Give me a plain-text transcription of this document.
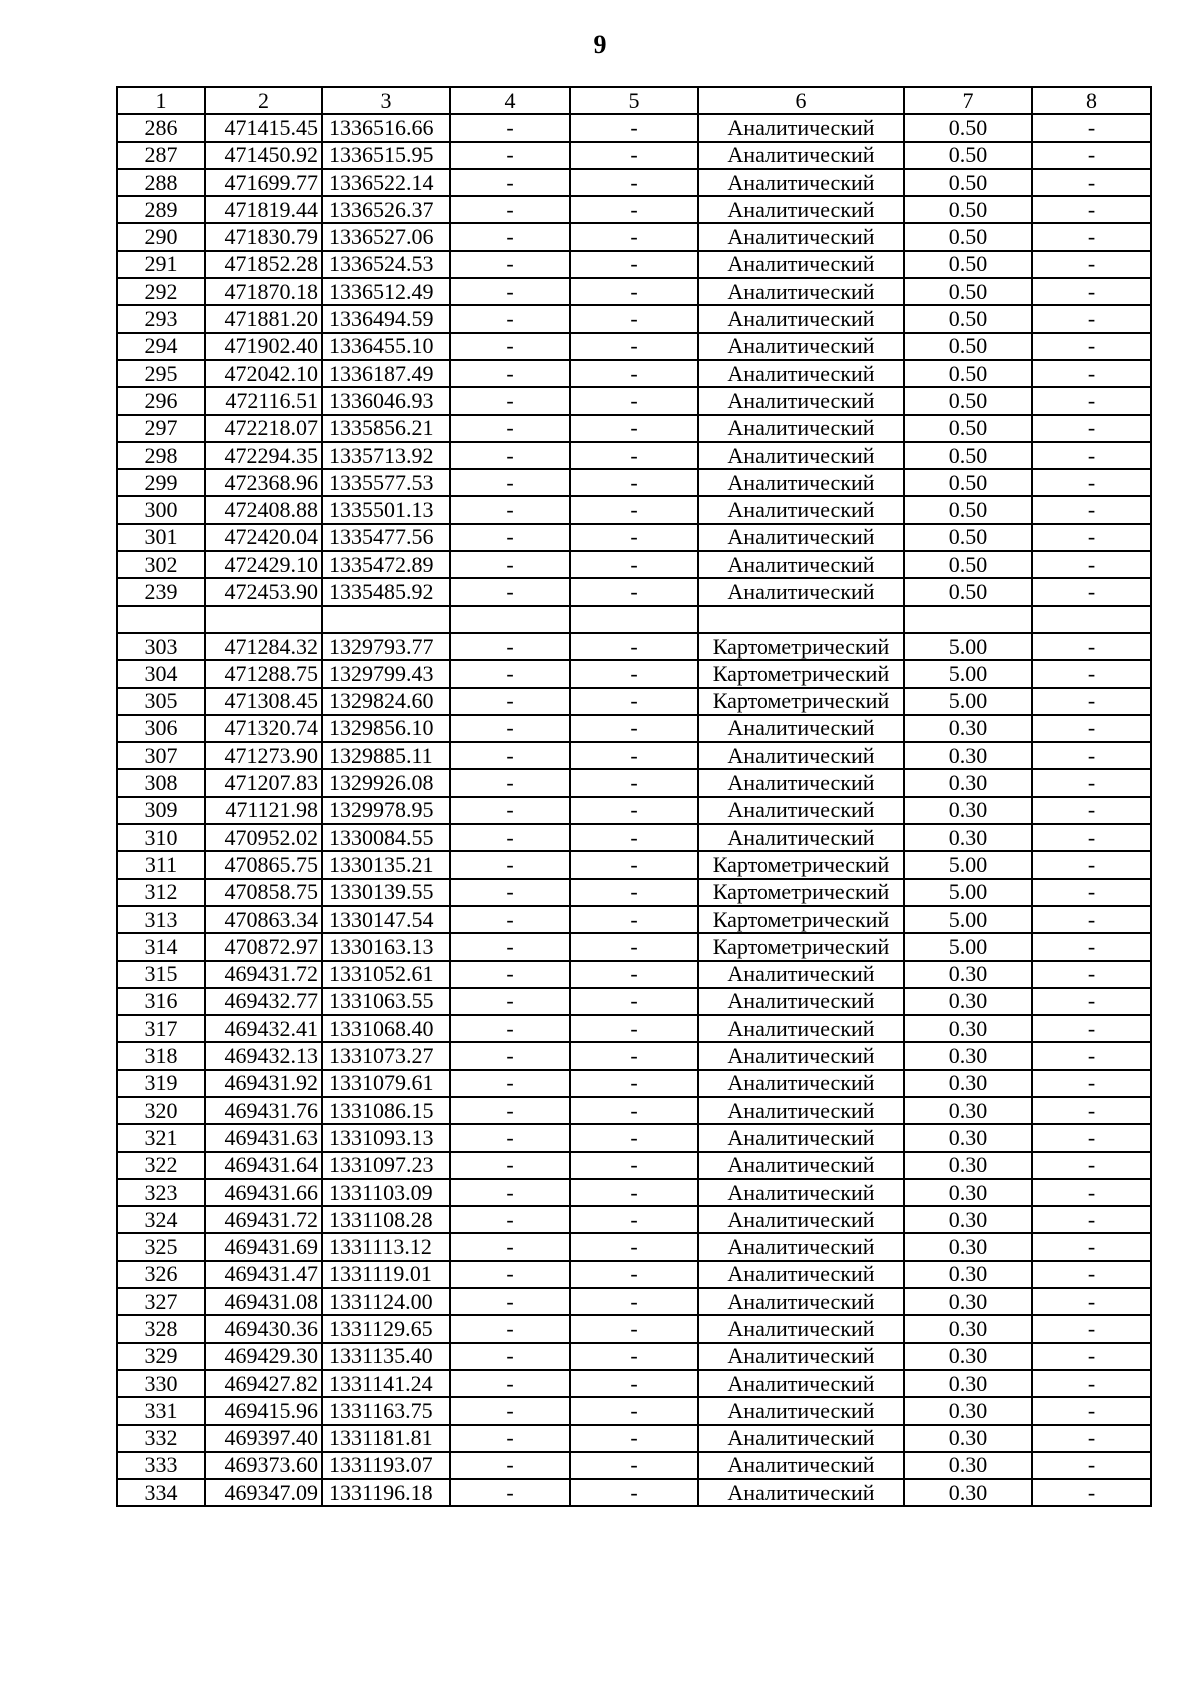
9
1	2	3	4	5	6	7	8
286	471415.45	1336516.66	-	-	Аналитический	0.50	-
287	471450.92	1336515.95	-	-	Аналитический	0.50	-
288	471699.77	1336522.14	-	-	Аналитический	0.50	-
289	471819.44	1336526.37	-	-	Аналитический	0.50	-
290	471830.79	1336527.06	-	-	Аналитический	0.50	-
291	471852.28	1336524.53	-	-	Аналитический	0.50	-
292	471870.18	1336512.49	-	-	Аналитический	0.50	-
293	471881.20	1336494.59	-	-	Аналитический	0.50	-
294	471902.40	1336455.10	-	-	Аналитический	0.50	-
295	472042.10	1336187.49	-	-	Аналитический	0.50	-
296	472116.51	1336046.93	-	-	Аналитический	0.50	-
297	472218.07	1335856.21	-	-	Аналитический	0.50	-
298	472294.35	1335713.92	-	-	Аналитический	0.50	-
299	472368.96	1335577.53	-	-	Аналитический	0.50	-
300	472408.88	1335501.13	-	-	Аналитический	0.50	-
301	472420.04	1335477.56	-	-	Аналитический	0.50	-
302	472429.10	1335472.89	-	-	Аналитический	0.50	-
239	472453.90	1335485.92	-	-	Аналитический	0.50	-

303	471284.32	1329793.77	-	-	Картометрический	5.00	-
304	471288.75	1329799.43	-	-	Картометрический	5.00	-
305	471308.45	1329824.60	-	-	Картометрический	5.00	-
306	471320.74	1329856.10	-	-	Аналитический	0.30	-
307	471273.90	1329885.11	-	-	Аналитический	0.30	-
308	471207.83	1329926.08	-	-	Аналитический	0.30	-
309	471121.98	1329978.95	-	-	Аналитический	0.30	-
310	470952.02	1330084.55	-	-	Аналитический	0.30	-
311	470865.75	1330135.21	-	-	Картометрический	5.00	-
312	470858.75	1330139.55	-	-	Картометрический	5.00	-
313	470863.34	1330147.54	-	-	Картометрический	5.00	-
314	470872.97	1330163.13	-	-	Картометрический	5.00	-
315	469431.72	1331052.61	-	-	Аналитический	0.30	-
316	469432.77	1331063.55	-	-	Аналитический	0.30	-
317	469432.41	1331068.40	-	-	Аналитический	0.30	-
318	469432.13	1331073.27	-	-	Аналитический	0.30	-
319	469431.92	1331079.61	-	-	Аналитический	0.30	-
320	469431.76	1331086.15	-	-	Аналитический	0.30	-
321	469431.63	1331093.13	-	-	Аналитический	0.30	-
322	469431.64	1331097.23	-	-	Аналитический	0.30	-
323	469431.66	1331103.09	-	-	Аналитический	0.30	-
324	469431.72	1331108.28	-	-	Аналитический	0.30	-
325	469431.69	1331113.12	-	-	Аналитический	0.30	-
326	469431.47	1331119.01	-	-	Аналитический	0.30	-
327	469431.08	1331124.00	-	-	Аналитический	0.30	-
328	469430.36	1331129.65	-	-	Аналитический	0.30	-
329	469429.30	1331135.40	-	-	Аналитический	0.30	-
330	469427.82	1331141.24	-	-	Аналитический	0.30	-
331	469415.96	1331163.75	-	-	Аналитический	0.30	-
332	469397.40	1331181.81	-	-	Аналитический	0.30	-
333	469373.60	1331193.07	-	-	Аналитический	0.30	-
334	469347.09	1331196.18	-	-	Аналитический	0.30	-
